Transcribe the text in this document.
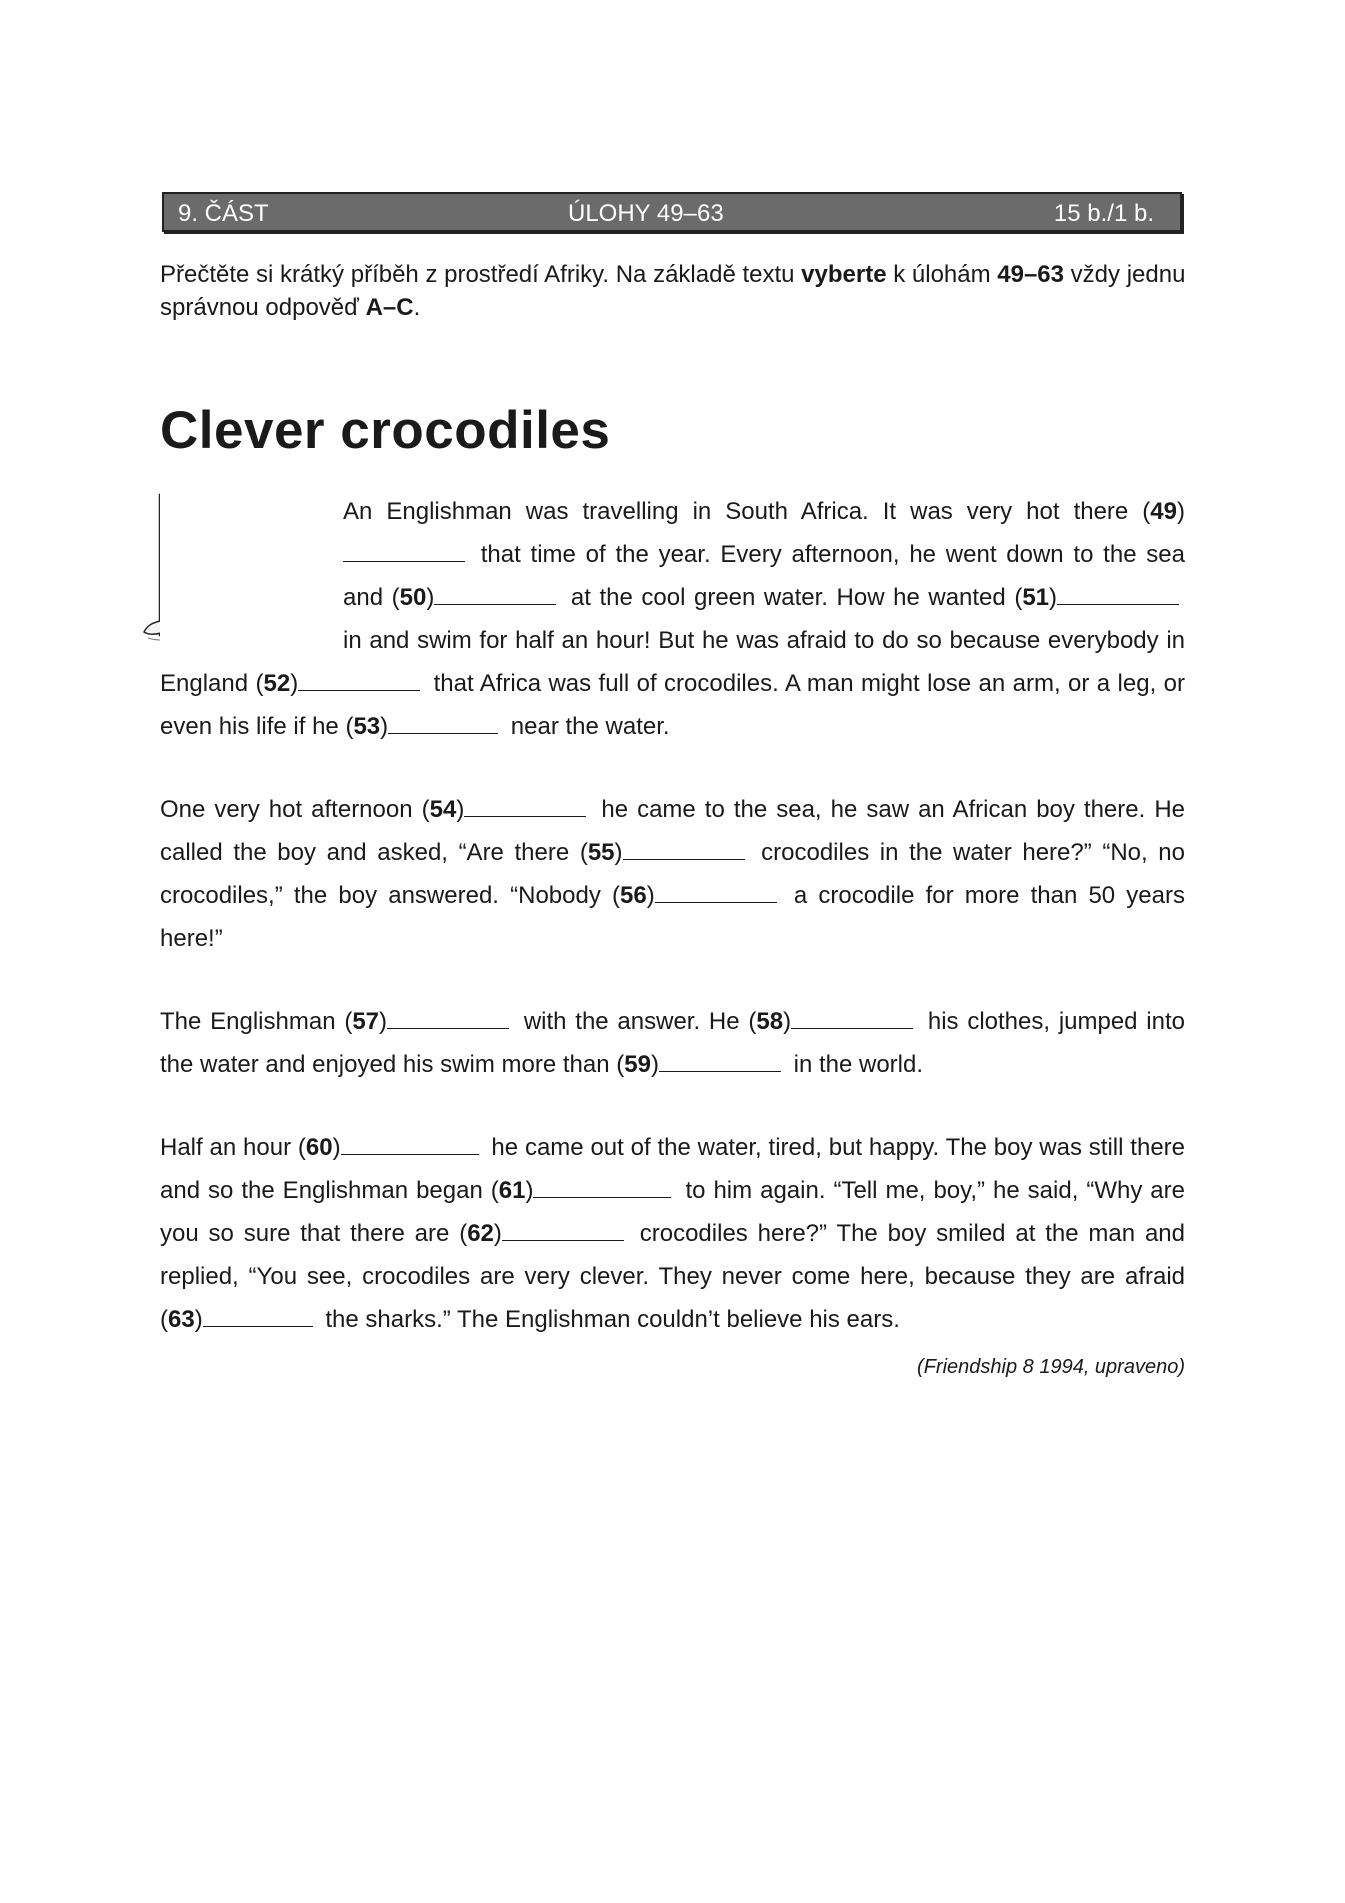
9. ČÁST	ÚLOHY 49–63	15 b./1 b.
Přečtěte si krátký příběh z prostředí Afriky. Na základě textu vyberte k úlohám 49–63 vždy jednu správnou odpověď A–C.
Clever crocodiles

An Englishman was travelling in South Africa. It was very hot there (49) that time of the year. Every afternoon, he went down to the sea and (50)	at the cool green water. How he wanted (51) in and swim for half an hour! But he was afraid to do so because everybody in England (52)	that Africa was full of crocodiles. A man might lose an arm, or a leg, or even his life if he (53)	near the water.

One very hot afternoon (54)	he came to the sea, he saw an African boy there. He called the boy and asked, “Are there (55)	crocodiles in the water here?” “No, no crocodiles,” the boy answered. “Nobody (56)	a crocodile for more than 50 years here!”

The Englishman (57)	with the answer. He (58)	his clothes, jumped into the water and enjoyed his swim more than (59)	in the world.

Half an hour (60)	he came out of the water, tired, but happy. The boy was still there and so the Englishman began (61)	to him again. “Tell me, boy,” he said, “Why are you so sure that there are (62)	crocodiles here?” The boy smiled at the man and replied, “You see, crocodiles are very clever. They never come here, because they are afraid (63)	the sharks.” The Englishman couldn’t believe his ears.

(Friendship 8 1994, upraveno)
